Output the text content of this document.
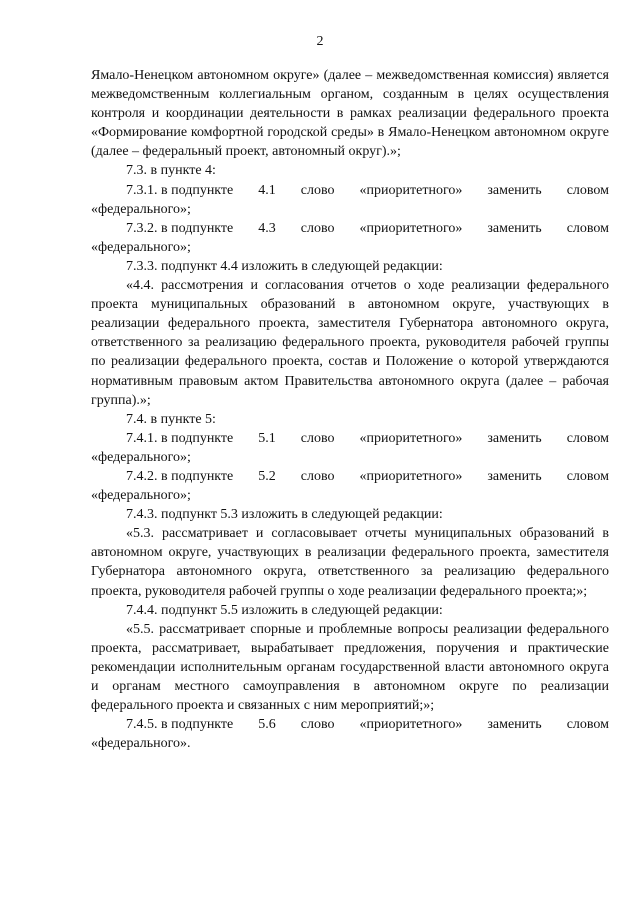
2

Ямало-Ненецком автономном округе» (далее – межведомственная комиссия) является межведомственным коллегиальным органом, созданным в целях осуществления контроля и координации деятельности в рамках реализации федерального проекта «Формирование комфортной городской среды» в Ямало-Ненецком автономном округе (далее – федеральный проект, автономный округ).»;

7.3. в пункте 4:

7.3.1. в подпункте 4.1 слово «приоритетного» заменить словом
«федерального»;
7.3.2. в подпункте 4.3 слово «приоритетного» заменить словом
«федерального»;

7.3.3. подпункт 4.4 изложить в следующей редакции:

«4.4. рассмотрения и согласования отчетов о ходе реализации федерального проекта муниципальных образований в автономном округе, участвующих в реализации федерального проекта, заместителя Губернатора автономного округа, ответственного за реализацию федерального проекта, руководителя рабочей группы по реализации федерального проекта, состав и Положение о которой утверждаются нормативным правовым актом Правительства автономного округа (далее – рабочая группа).»;

7.4. в пункте 5:

7.4.1. в подпункте 5.1 слово «приоритетного» заменить словом
«федерального»;
7.4.2. в подпункте 5.2 слово «приоритетного» заменить словом
«федерального»;

7.4.3. подпункт 5.3 изложить в следующей редакции:

«5.3. рассматривает и согласовывает отчеты муниципальных образований в автономном округе, участвующих в реализации федерального проекта, заместителя Губернатора автономного округа, ответственного за реализацию федерального проекта, руководителя рабочей группы о ходе реализации федерального проекта;»;

7.4.4. подпункт 5.5 изложить в следующей редакции:

«5.5. рассматривает спорные и проблемные вопросы реализации федерального проекта, рассматривает, вырабатывает предложения, поручения и практические рекомендации исполнительным органам государственной власти автономного округа и органам местного самоуправления в автономном округе по реализации федерального проекта и связанных с ним мероприятий;»;

7.4.5. в подпункте 5.6 слово «приоритетного» заменить словом
«федерального».
